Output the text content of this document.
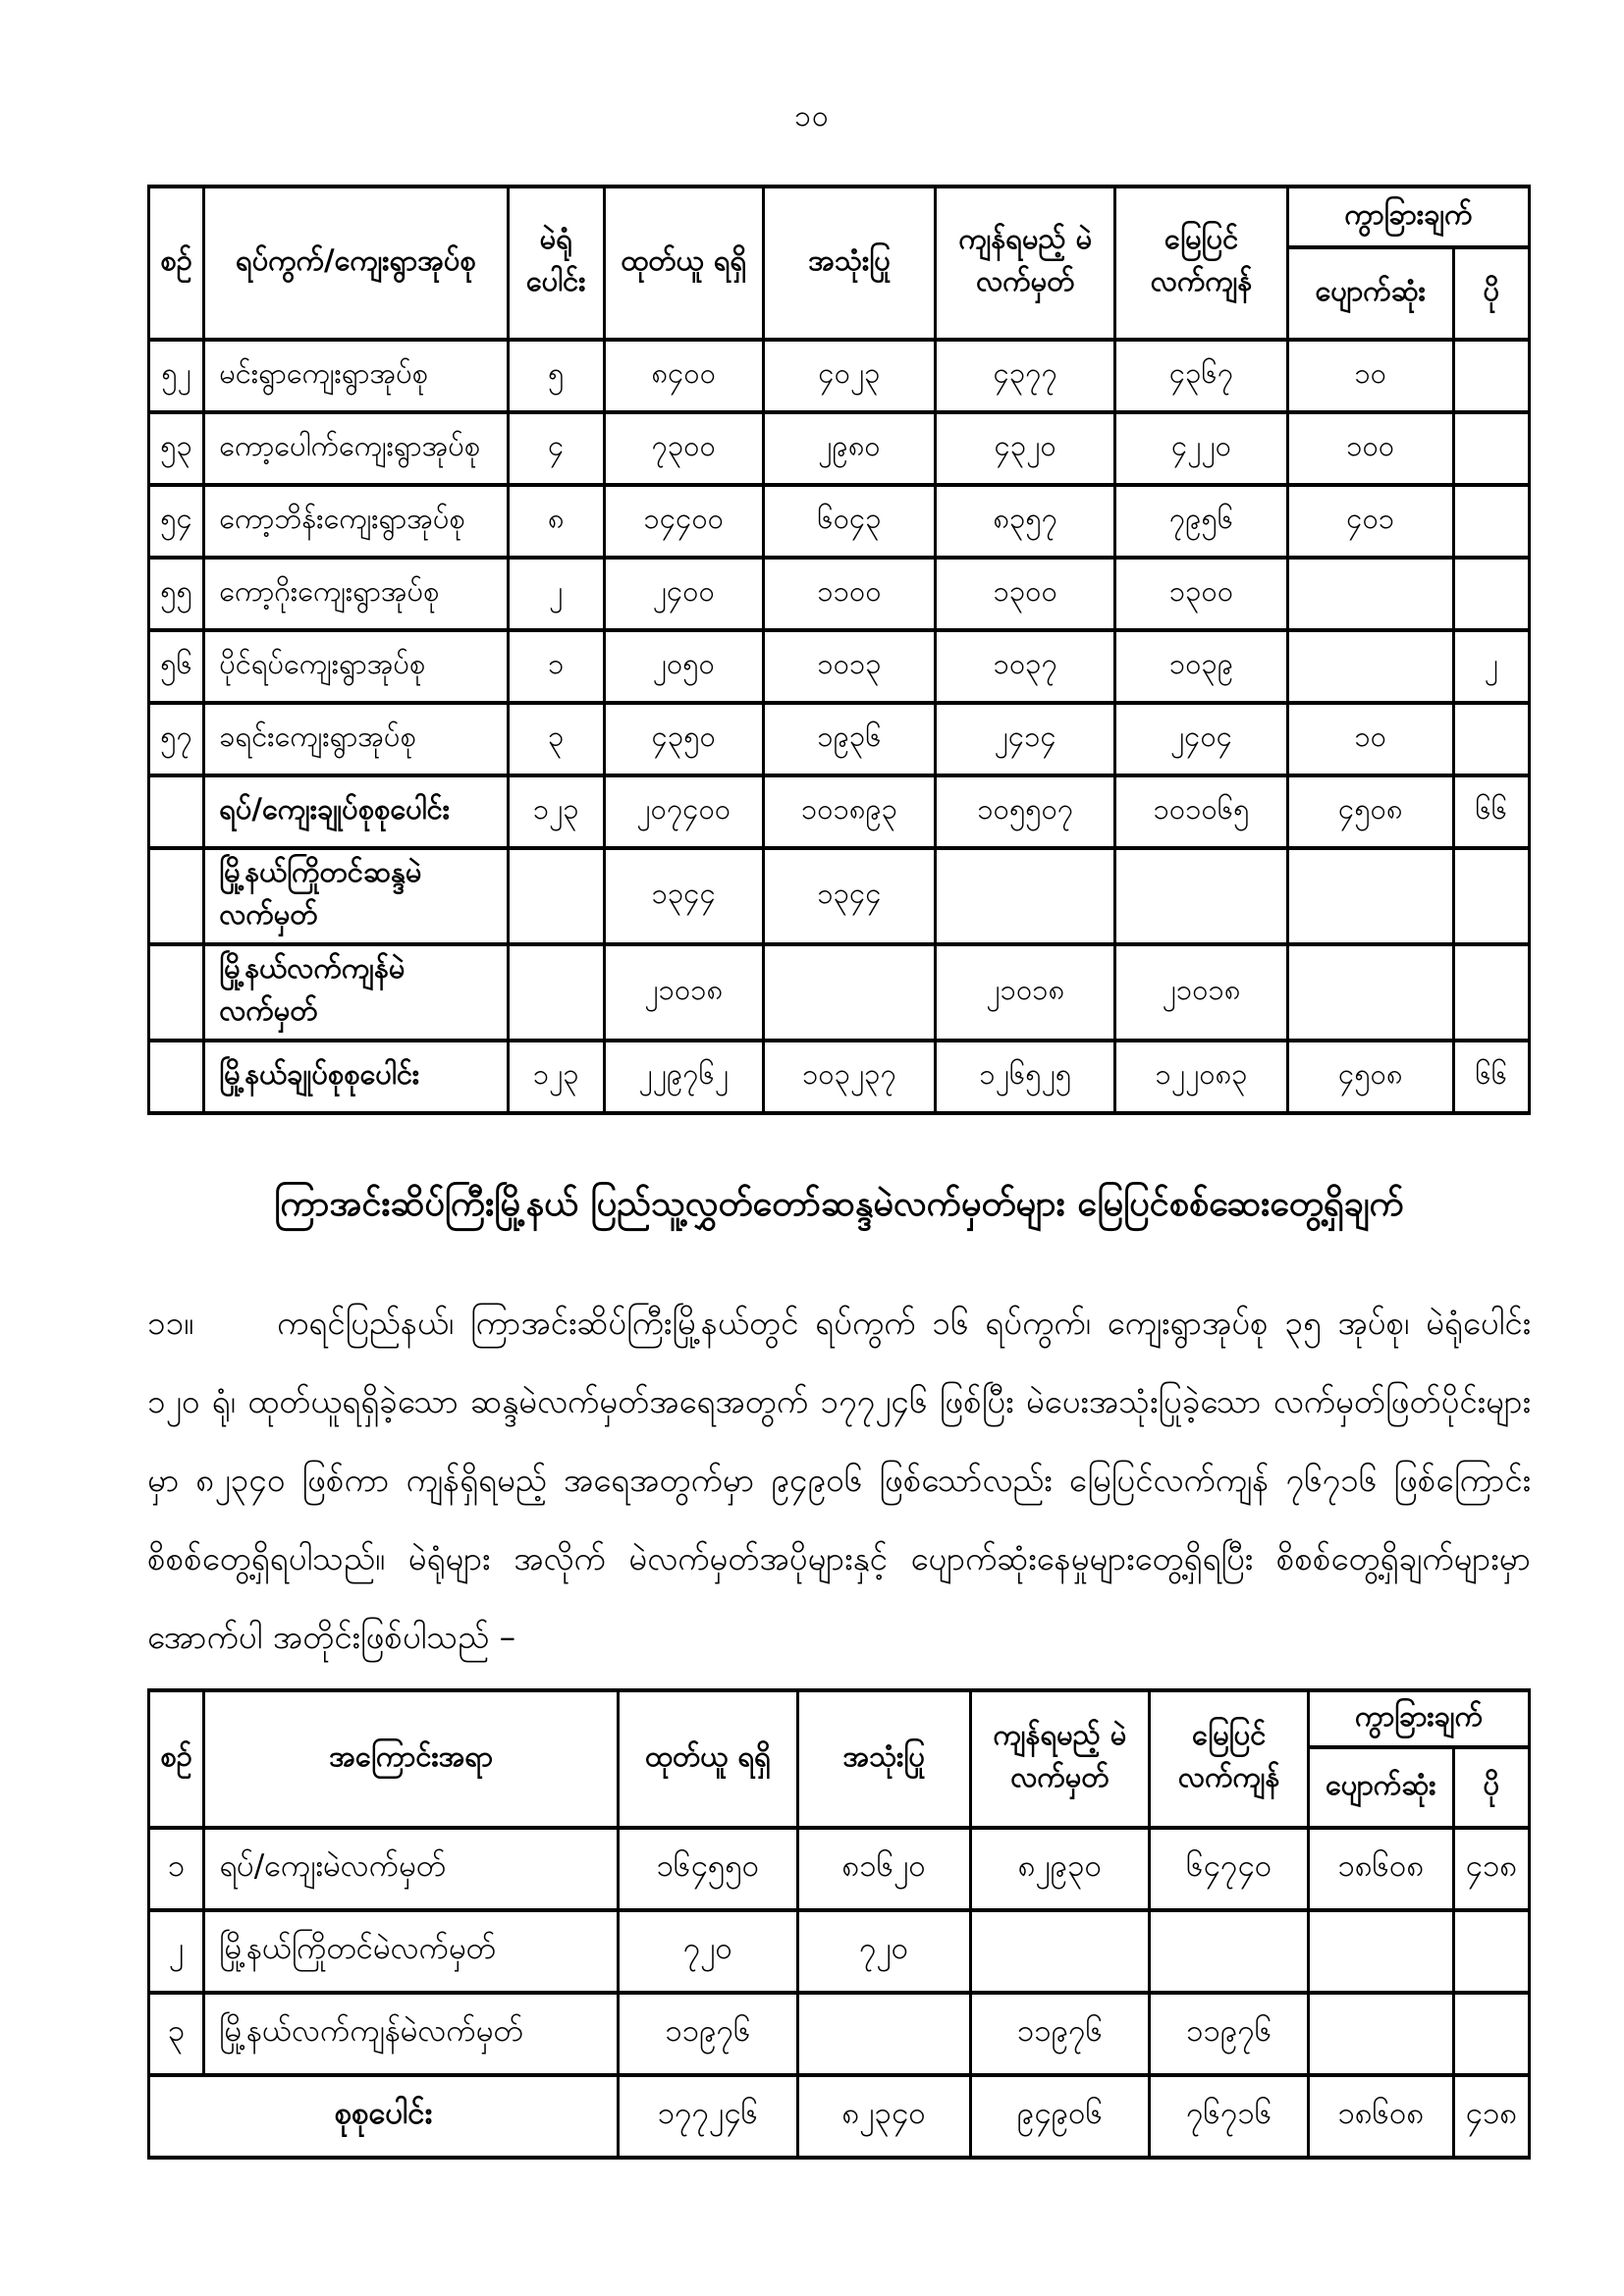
၁၀
စဉ်	ရပ်ကွက်/ကျေးရွာအုပ်စု	မဲရုံ ပေါင်း	ထုတ်ယူ ရရှိ	အသုံးပြု	ကျန်ရမည့် မဲလက်မှတ်	မြေပြင် လက်ကျန်	ကွာခြားချက်	
							ပျောက်ဆုံး	ပို
၅၂	မင်းရွာကျေးရွာအုပ်စု	၅	၈၄၀၀	၄၀၂၃	၄၃၇၇	၄၃၆၇	၁၀	
၅၃	ကော့ပေါက်ကျေးရွာအုပ်စု	၄	၇၃၀၀	၂၉၈၀	၄၃၂၀	၄၂၂၀	၁၀၀	
၅၄	ကော့ဘိန်းကျေးရွာအုပ်စု	၈	၁၄၄၀၀	၆၀၄၃	၈၃၅၇	၇၉၅၆	၄၀၁	
၅၅	ကော့ဂိုးကျေးရွာအုပ်စု	၂	၂၄၀၀	၁၁၀၀	၁၃၀၀	၁၃၀၀		
၅၆	ပိုင်ရပ်ကျေးရွာအုပ်စု	၁	၂၀၅၀	၁၀၁၃	၁၀၃၇	၁၀၃၉		၂
၅၇	ခရင်းကျေးရွာအုပ်စု	၃	၄၃၅၀	၁၉၃၆	၂၄၁၄	၂၄၀၄	၁၀	
	ရပ်/ကျေးချုပ်စုစုပေါင်း	၁၂၃	၂၀၇၄၀၀	၁၀၁၈၉၃	၁၀၅၅၀၇	၁၀၁၀၆၅	၄၅၀၈	၆၆
	မြို့နယ်ကြိုတင်ဆန္ဒမဲလက်မှတ်		၁၃၄၄	၁၃၄၄				
	မြို့နယ်လက်ကျန်မဲလက်မှတ်		၂၁၀၁၈		၂၁၀၁၈	၂၁၀၁၈		
	မြို့နယ်ချုပ်စုစုပေါင်း	၁၂၃	၂၂၉၇၆၂	၁၀၃၂၃၇	၁၂၆၅၂၅	၁၂၂၀၈၃	၄၅၀၈	၆၆
ကြာအင်းဆိပ်ကြီးမြို့နယ် ပြည်သူ့လွှတ်တော်ဆန္ဒမဲလက်မှတ်များ မြေပြင်စစ်ဆေးတွေ့ရှိချက်
၁၁။	ကရင်ပြည်နယ်၊ ကြာအင်းဆိပ်ကြီးမြို့နယ်တွင် ရပ်ကွက် ၁၆ ရပ်ကွက်၊ ကျေးရွာအုပ်စု ၃၅ အုပ်စု၊ မဲရုံပေါင်း ၁၂၀ ရုံ၊ ထုတ်ယူရရှိခဲ့သော ဆန္ဒမဲလက်မှတ်အရေအတွက် ၁၇၇၂၄၆ ဖြစ်ပြီး မဲပေးအသုံးပြုခဲ့သော လက်မှတ်ဖြတ်ပိုင်းများမှာ ၈၂၃၄၀ ဖြစ်ကာ ကျန်ရှိရမည့် အရေအတွက်မှာ ၉၄၉၀၆ ဖြစ်သော်လည်း မြေပြင်လက်ကျန် ၇၆၇၁၆ ဖြစ်ကြောင်း စိစစ်တွေ့ရှိရပါသည်။ မဲရုံများ အလိုက် မဲလက်မှတ်အပိုများနှင့် ပျောက်ဆုံးနေမှုများတွေ့ရှိရပြီး စိစစ်တွေ့ရှိချက်များမှာ အောက်ပါ အတိုင်းဖြစ်ပါသည် –
စဉ်	အကြောင်းအရာ	ထုတ်ယူ ရရှိ	အသုံးပြု	ကျန်ရမည့် မဲလက်မှတ်	မြေပြင် လက်ကျန်	ကွာခြားချက်	
						ပျောက်ဆုံး	ပို
၁	ရပ်/ကျေးမဲလက်မှတ်	၁၆၄၅၅၀	၈၁၆၂၀	၈၂၉၃၀	၆၄၇၄၀	၁၈၆၀၈	၄၁၈
၂	မြို့နယ်ကြိုတင်မဲလက်မှတ်	၇၂၀	၇၂၀				
၃	မြို့နယ်လက်ကျန်မဲလက်မှတ်	၁၁၉၇၆		၁၁၉၇၆	၁၁၉၇၆		
စုစုပေါင်း		၁၇၇၂၄၆	၈၂၃၄၀	၉၄၉၀၆	၇၆၇၁၆	၁၈၆၀၈	၄၁၈
